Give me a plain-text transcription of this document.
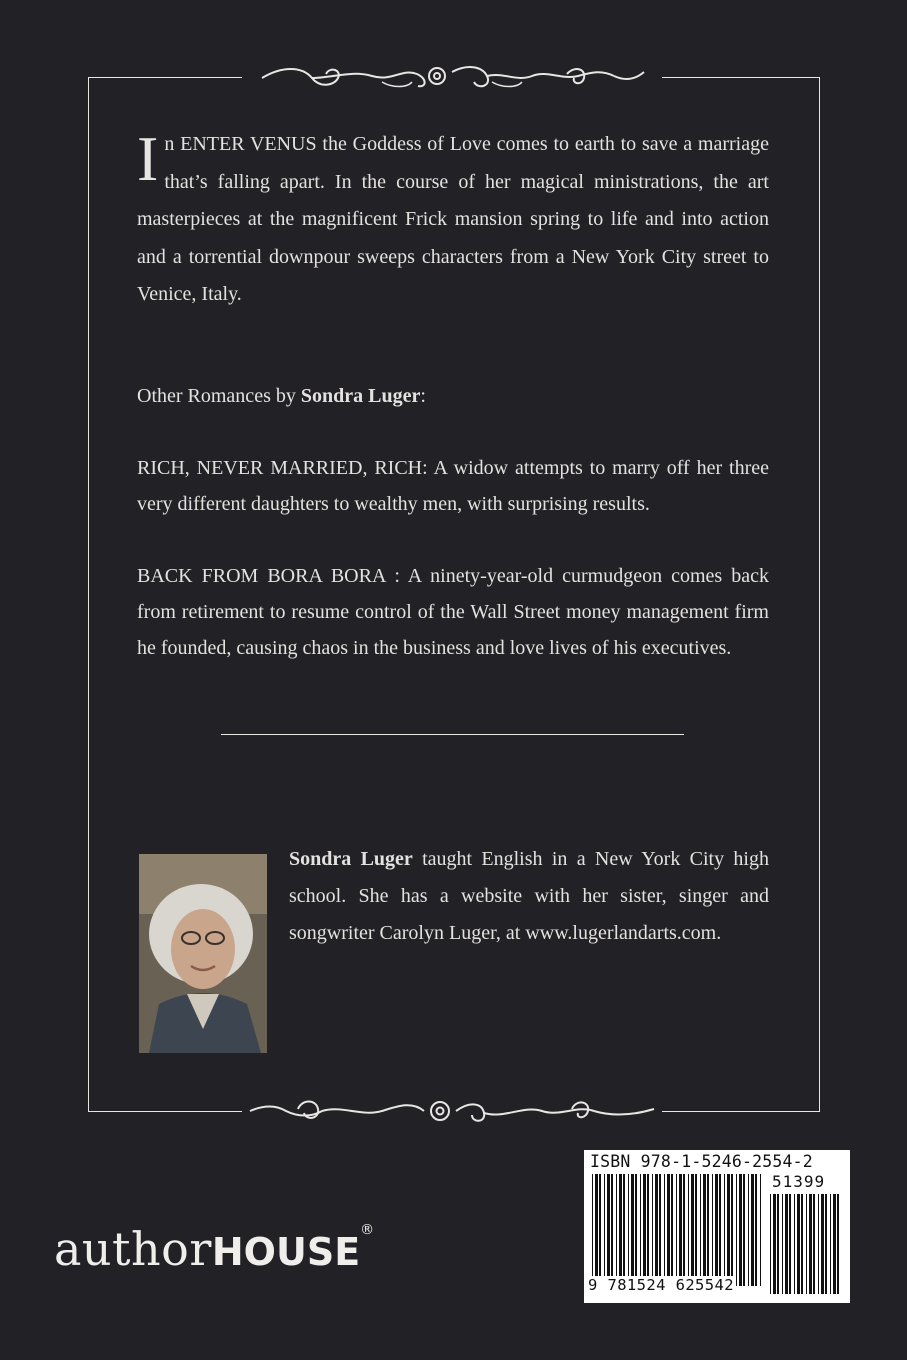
In ENTER VENUS the Goddess of Love comes to earth to save a marriage that’s falling apart. In the course of her magical ministrations, the art masterpieces at the magnificent Frick mansion spring to life and into action and a torrential downpour sweeps characters from a New York City street to Venice, Italy.
Other Romances by Sondra Luger:
RICH, NEVER MARRIED, RICH: A widow attempts to marry off her three very different daughters to wealthy men, with surprising results.
BACK FROM BORA BORA : A ninety-year-old curmudgeon comes back from retirement to resume control of the Wall Street money management firm he founded, causing chaos in the business and love lives of his executives.
Sondra Luger taught English in a New York City high school. She has a website with her sister, singer and songwriter Carolyn Luger, at www.lugerlandarts.com.
authorHOUSE®
ISBN 978-1-5246-2554-2
51399
9 781524 625542
